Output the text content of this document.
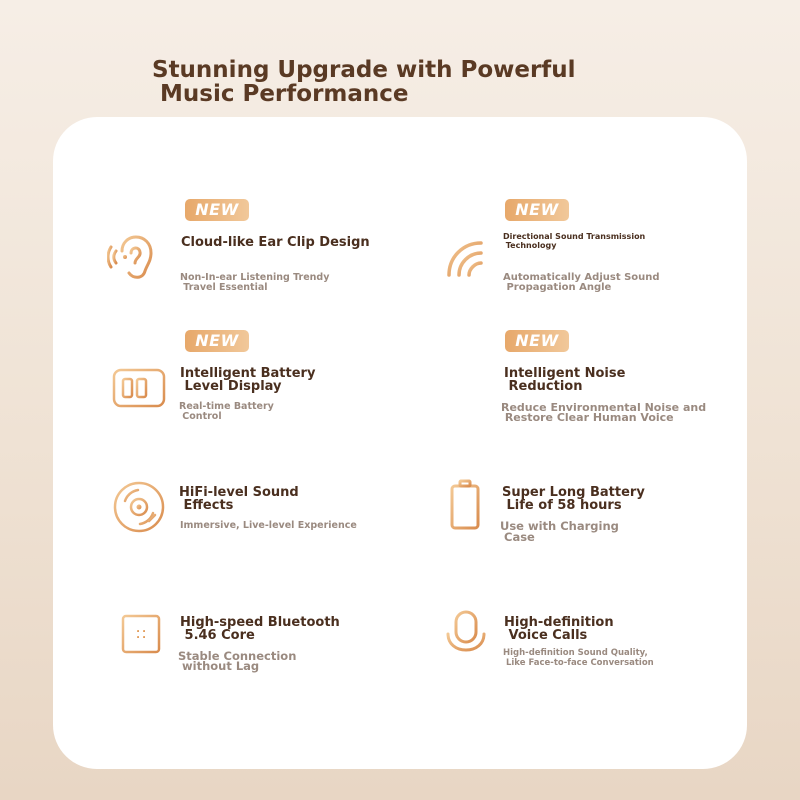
Stunning Upgrade with Powerful
Music Performance
NEW
Cloud-like Ear Clip Design
Non-In-ear Listening Trendy
Travel Essential
NEW
Directional Sound Transmission
Technology
Automatically Adjust Sound
Propagation Angle
NEW
Intelligent Battery
Level Display
Real-time Battery
Control
NEW
Intelligent Noise
Reduction
Reduce Environmental Noise and
Restore Clear Human Voice
HiFi-level Sound
Effects
Immersive, Live-level Experience
Super Long Battery
Life of 58 hours
Use with Charging
Case
High-speed Bluetooth
5.46 Core
Stable Connection
without Lag
High-definition
Voice Calls
High-definition Sound Quality,
Like Face-to-face Conversation
